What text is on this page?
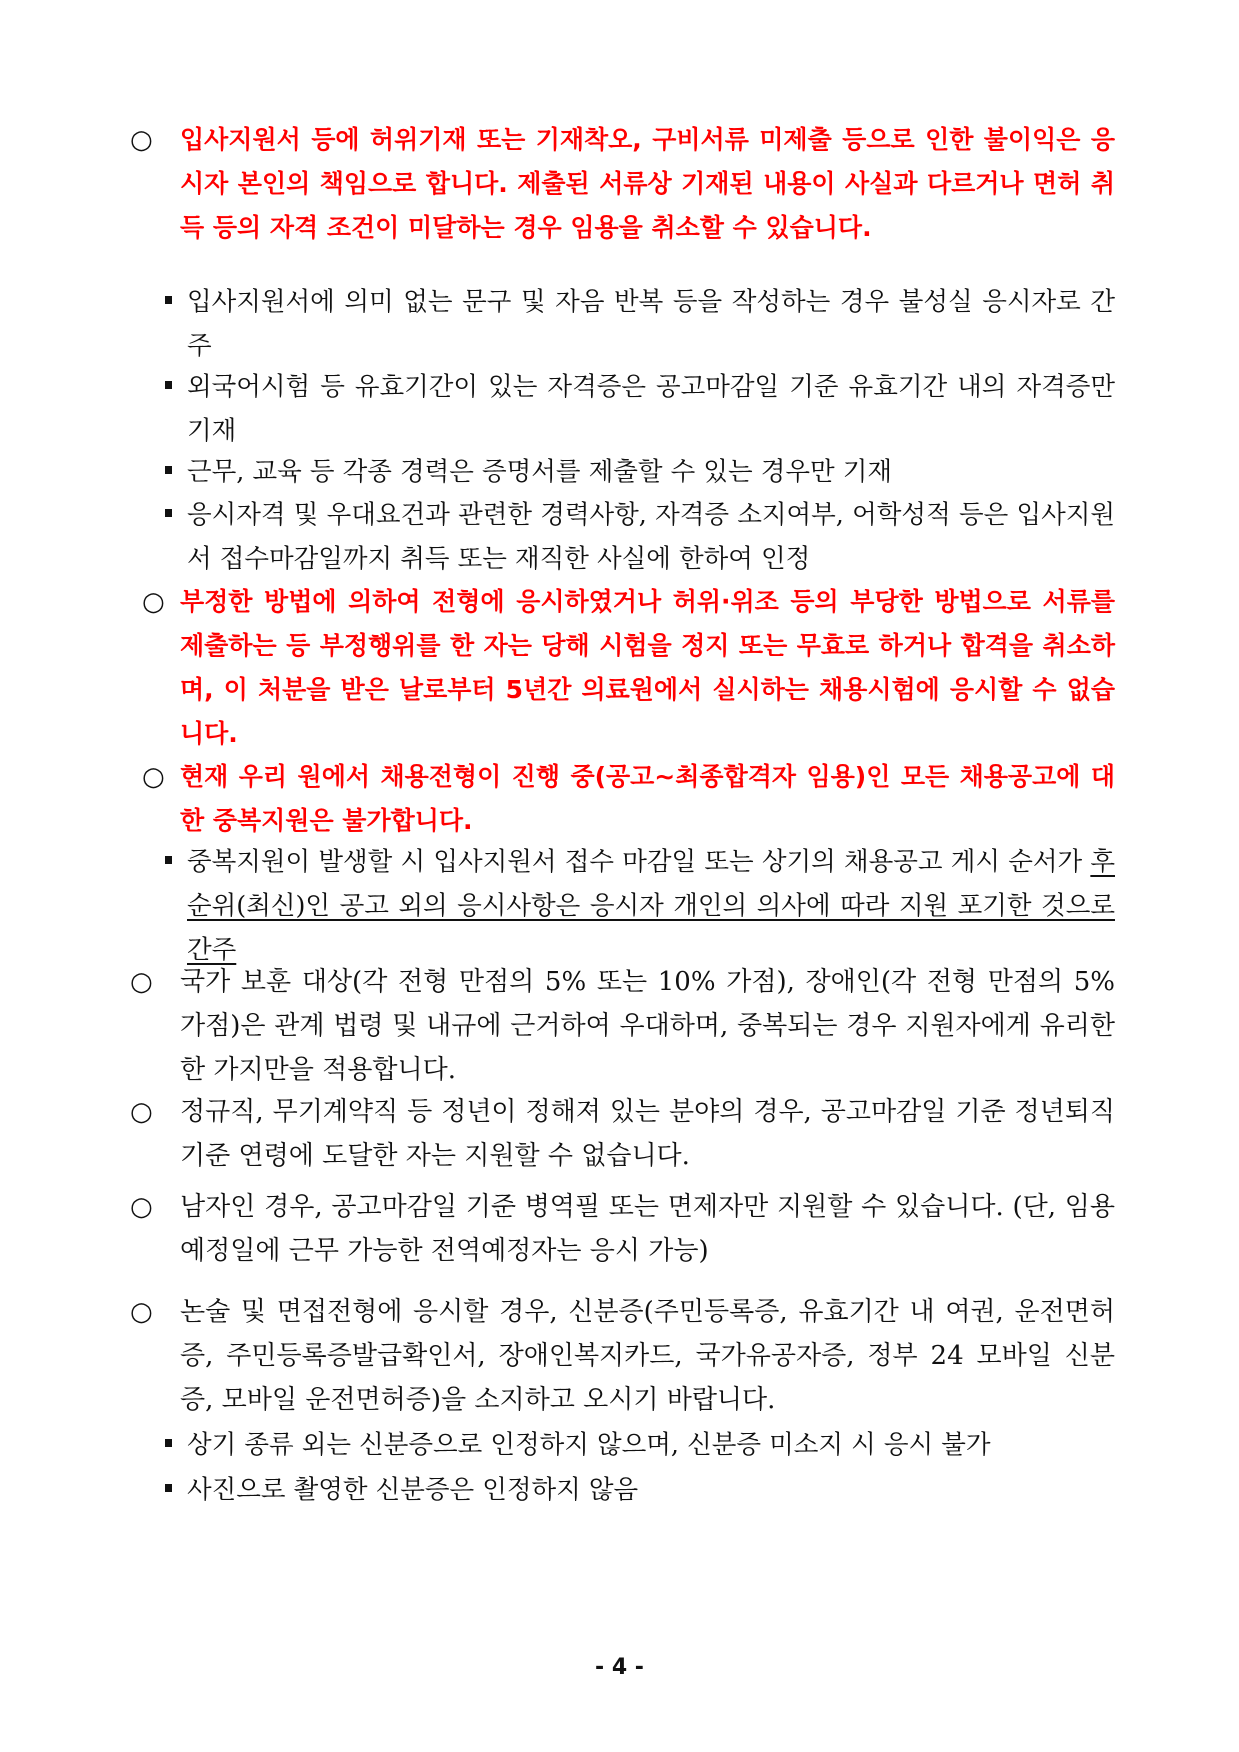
○ 입사지원서 등에 허위기재 또는 기재착오, 구비서류 미제출 등으로 인한 불이익은 응시자 본인의 책임으로 합니다. 제출된 서류상 기재된 내용이 사실과 다르거나 면허 취득 등의 자격 조건이 미달하는 경우 임용을 취소할 수 있습니다.
입사지원서에 의미 없는 문구 및 자음 반복 등을 작성하는 경우 불성실 응시자로 간주
외국어시험 등 유효기간이 있는 자격증은 공고마감일 기준 유효기간 내의 자격증만 기재
근무, 교육 등 각종 경력은 증명서를 제출할 수 있는 경우만 기재
응시자격 및 우대요건과 관련한 경력사항, 자격증 소지여부, 어학성적 등은 입사지원서 접수마감일까지 취득 또는 재직한 사실에 한하여 인정
○ 부정한 방법에 의하여 전형에 응시하였거나 허위·위조 등의 부당한 방법으로 서류를 제출하는 등 부정행위를 한 자는 당해 시험을 정지 또는 무효로 하거나 합격을 취소하며, 이 처분을 받은 날로부터 5년간 의료원에서 실시하는 채용시험에 응시할 수 없습니다.
○ 현재 우리 원에서 채용전형이 진행 중(공고∼최종합격자 임용)인 모든 채용공고에 대한 중복지원은 불가합니다.
중복지원이 발생할 시 입사지원서 접수 마감일 또는 상기의 채용공고 게시 순서가 후순위(최신)인 공고 외의 응시사항은 응시자 개인의 의사에 따라 지원 포기한 것으로 간주
○ 국가 보훈 대상(각 전형 만점의 5% 또는 10% 가점), 장애인(각 전형 만점의 5% 가점)은 관계 법령 및 내규에 근거하여 우대하며, 중복되는 경우 지원자에게 유리한 한 가지만을 적용합니다.
○ 정규직, 무기계약직 등 정년이 정해져 있는 분야의 경우, 공고마감일 기준 정년퇴직 기준 연령에 도달한 자는 지원할 수 없습니다.
○ 남자인 경우, 공고마감일 기준 병역필 또는 면제자만 지원할 수 있습니다. (단, 임용예정일에 근무 가능한 전역예정자는 응시 가능)
○ 논술 및 면접전형에 응시할 경우, 신분증(주민등록증, 유효기간 내 여권, 운전면허증, 주민등록증발급확인서, 장애인복지카드, 국가유공자증, 정부 24 모바일 신분증, 모바일 운전면허증)을 소지하고 오시기 바랍니다.
상기 종류 외는 신분증으로 인정하지 않으며, 신분증 미소지 시 응시 불가
사진으로 촬영한 신분증은 인정하지 않음
- 4 -
